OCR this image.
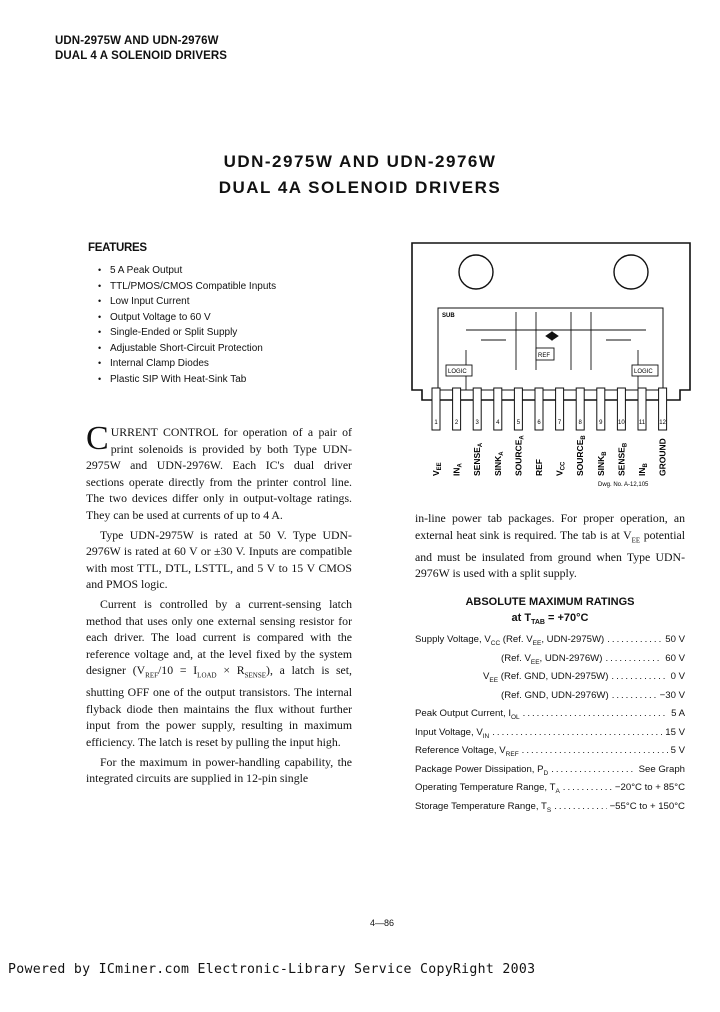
UDN-2975W AND UDN-2976W
DUAL 4 A SOLENOID DRIVERS
UDN-2975W AND UDN-2976W
DUAL 4A SOLENOID DRIVERS
FEATURES
• 5 A Peak Output
• TTL/PMOS/CMOS Compatible Inputs
• Low Input Current
• Output Voltage to 60 V
• Single-Ended or Split Supply
• Adjustable Short-Circuit Protection
• Internal Clamp Diodes
• Plastic SIP With Heat-Sink Tab

CURRENT CONTROL for operation of a pair of print solenoids is provided by both Type UDN-2975W and UDN-2976W. Each IC's dual driver sections operate directly from the printer control line. The two devices differ only in output-voltage ratings. They can be used at currents of up to 4 A.

Type UDN-2975W is rated at 50 V. Type UDN-2976W is rated at 60 V or ±30 V. Inputs are compatible with most TTL, DTL, LSTTL, and 5 V to 15 V CMOS and PMOS logic.

Current is controlled by a current-sensing latch method that uses only one external sensing resistor for each driver. The load current is compared with the reference voltage and, at the level fixed by the system designer $(V_{REF}/10 = I_{LOAD} \times R_{SENSE})$, a latch is set, shutting OFF one of the output transistors. The internal flyback diode then maintains the flux without further input from the power supply, resulting in maximum efficiency. The latch is reset by pulling the input high.

For the maximum in power-handling capability, the integrated circuits are supplied in 12-pin single

in-line power tab packages. For proper operation, an external heat sink is required. The tab is at $V_{EE}$ potential and must be insulated from ground when Type UDN-2976W is used with a split supply.

SUB
REF
LOGIC	LOGIC
1
$V_{EE}$
2
$IN_A$
3
$SENSE_A$
4
$SINK_A$
5
$SOURCE_A$
6
REF
7
$V_{CC}$
8
$SOURCE_B$
9
$SINK_B$
10
$SENSE_B$
11
$IN_B$
12
GROUND
Dwg. No. A-12,105
ABSOLUTE MAXIMUM RATINGS
at $T_{TAB} = +70^\circ C$
Supply Voltage, $V_{CC}$ (Ref. $V_{EE}$, UDN-2975W) .....	50 V
(Ref. $V_{EE}$, UDN-2976W) .....	60 V
$V_{EE}$ (Ref. GND, UDN-2975W) .....	0 V
(Ref. GND, UDN-2976W) .....	−30 V
Peak Output Current, $I_{OL}$ .....	5 A
Input Voltage, $V_{IN}$ .....	15 V
Reference Voltage, $V_{REF}$ .....	5 V
Package Power Dissipation, $P_D$ .....	See Graph
Operating Temperature Range, $T_A$ .....	−20°C to + 85°C
Storage Temperature Range, $T_S$ .....	−55°C to + 150°C
4—86
Powered by ICminer.com Electronic-Library Service CopyRight 2003
